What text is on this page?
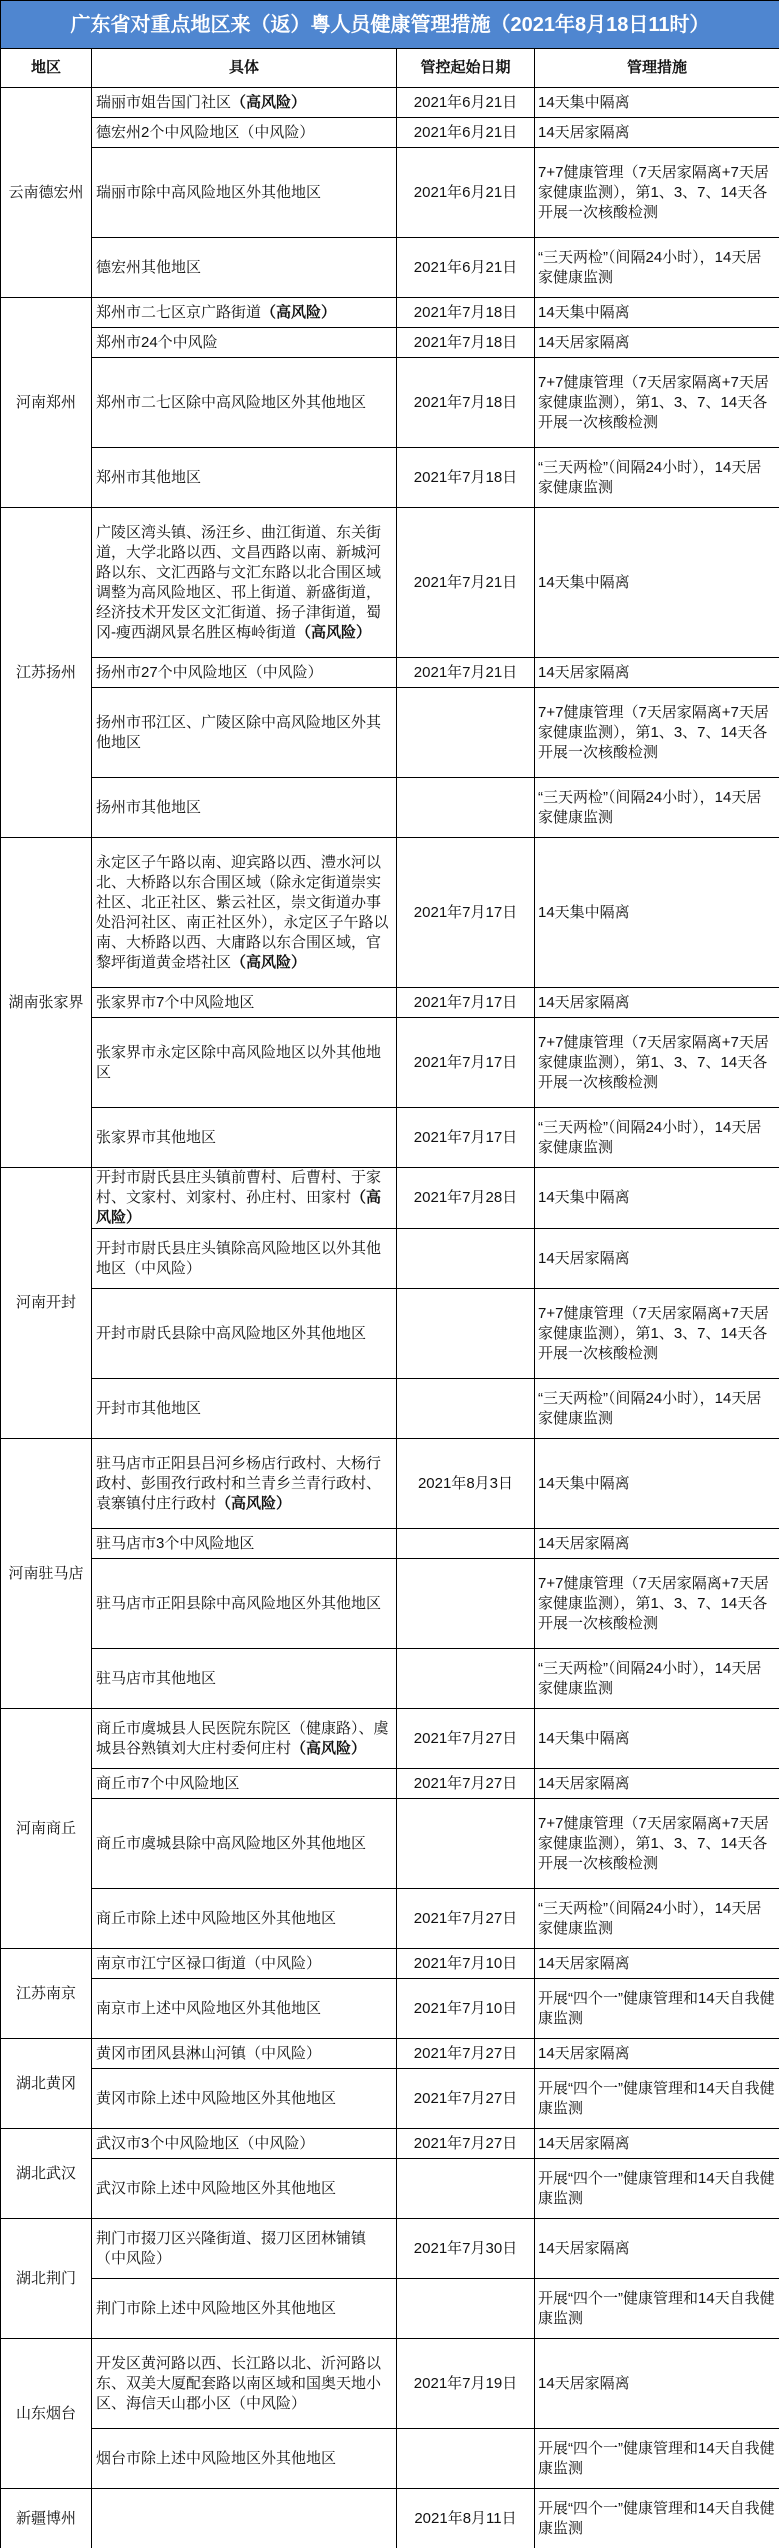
广东省对重点地区来（返）粤人员健康管理措施（2021年8月18日11时）			
地区	具体	管控起始日期	管理措施
云南德宏州	瑞丽市姐告国门社区（高风险）	2021年6月21日	14天集中隔离
	德宏州2个中风险地区（中风险）	2021年6月21日	14天居家隔离
	瑞丽市除中高风险地区外其他地区	2021年6月21日	7+7健康管理（7天居家隔离+7天居家健康监测），第1、3、7、14天各开展一次核酸检测
	德宏州其他地区	2021年6月21日	“三天两检”（间隔24小时），14天居家健康监测
河南郑州	郑州市二七区京广路街道（高风险）	2021年7月18日	14天集中隔离
	郑州市24个中风险	2021年7月18日	14天居家隔离
	郑州市二七区除中高风险地区外其他地区	2021年7月18日	7+7健康管理（7天居家隔离+7天居家健康监测），第1、3、7、14天各开展一次核酸检测
	郑州市其他地区	2021年7月18日	“三天两检”（间隔24小时），14天居家健康监测
江苏扬州	广陵区湾头镇、汤汪乡、曲江街道、东关街道，大学北路以西、文昌西路以南、新城河路以东、文汇西路与文汇东路以北合围区域调整为高风险地区、邗上街道、新盛街道，经济技术开发区文汇街道、扬子津街道，蜀冈-瘦西湖风景名胜区梅岭街道（高风险）	2021年7月21日	14天集中隔离
	扬州市27个中风险地区（中风险）	2021年7月21日	14天居家隔离
	扬州市邗江区、广陵区除中高风险地区外其他地区		7+7健康管理（7天居家隔离+7天居家健康监测），第1、3、7、14天各开展一次核酸检测
	扬州市其他地区		“三天两检”（间隔24小时），14天居家健康监测
湖南张家界	永定区子午路以南、迎宾路以西、澧水河以北、大桥路以东合围区域（除永定街道崇实社区、北正社区、紫云社区，崇文街道办事处沿河社区、南正社区外），永定区子午路以南、大桥路以西、大庸路以东合围区域，官黎坪街道黄金塔社区（高风险）	2021年7月17日	14天集中隔离
	张家界市7个中风险地区	2021年7月17日	14天居家隔离
	张家界市永定区除中高风险地区以外其他地区	2021年7月17日	7+7健康管理（7天居家隔离+7天居家健康监测），第1、3、7、14天各开展一次核酸检测
	张家界市其他地区	2021年7月17日	“三天两检”（间隔24小时），14天居家健康监测
河南开封	开封市尉氏县庄头镇前曹村、后曹村、于家村、文家村、刘家村、孙庄村、田家村（高风险）	2021年7月28日	14天集中隔离
	开封市尉氏县庄头镇除高风险地区以外其他地区（中风险）		14天居家隔离
	开封市尉氏县除中高风险地区外其他地区		7+7健康管理（7天居家隔离+7天居家健康监测），第1、3、7、14天各开展一次核酸检测
	开封市其他地区		“三天两检”（间隔24小时），14天居家健康监测
河南驻马店	驻马店市正阳县吕河乡杨店行政村、大杨行政村、彭围孜行政村和兰青乡兰青行政村、袁寨镇付庄行政村（高风险）	2021年8月3日	14天集中隔离
	驻马店市3个中风险地区		14天居家隔离
	驻马店市正阳县除中高风险地区外其他地区		7+7健康管理（7天居家隔离+7天居家健康监测），第1、3、7、14天各开展一次核酸检测
	驻马店市其他地区		“三天两检”（间隔24小时），14天居家健康监测
河南商丘	商丘市虞城县人民医院东院区（健康路）、虞城县谷熟镇刘大庄村委何庄村（高风险）	2021年7月27日	14天集中隔离
	商丘市7个中风险地区	2021年7月27日	14天居家隔离
	商丘市虞城县除中高风险地区外其他地区		7+7健康管理（7天居家隔离+7天居家健康监测），第1、3、7、14天各开展一次核酸检测
	商丘市除上述中风险地区外其他地区	2021年7月27日	“三天两检”（间隔24小时），14天居家健康监测
江苏南京	南京市江宁区禄口街道（中风险）	2021年7月10日	14天居家隔离
	南京市上述中风险地区外其他地区	2021年7月10日	开展“四个一”健康管理和14天自我健康监测
湖北黄冈	黄冈市团风县淋山河镇（中风险）	2021年7月27日	14天居家隔离
	黄冈市除上述中风险地区外其他地区	2021年7月27日	开展“四个一”健康管理和14天自我健康监测
湖北武汉	武汉市3个中风险地区（中风险）	2021年7月27日	14天居家隔离
	武汉市除上述中风险地区外其他地区		开展“四个一”健康管理和14天自我健康监测
湖北荆门	荆门市掇刀区兴隆街道、掇刀区团林铺镇（中风险）	2021年7月30日	14天居家隔离
	荆门市除上述中风险地区外其他地区		开展“四个一”健康管理和14天自我健康监测
山东烟台	开发区黄河路以西、长江路以北、沂河路以东、双美大厦配套路以南区域和国奥天地小区、海信天山郡小区（中风险）	2021年7月19日	14天居家隔离
	烟台市除上述中风险地区外其他地区		开展“四个一”健康管理和14天自我健康监测
新疆博州		2021年8月11日	开展“四个一”健康管理和14天自我健康监测
